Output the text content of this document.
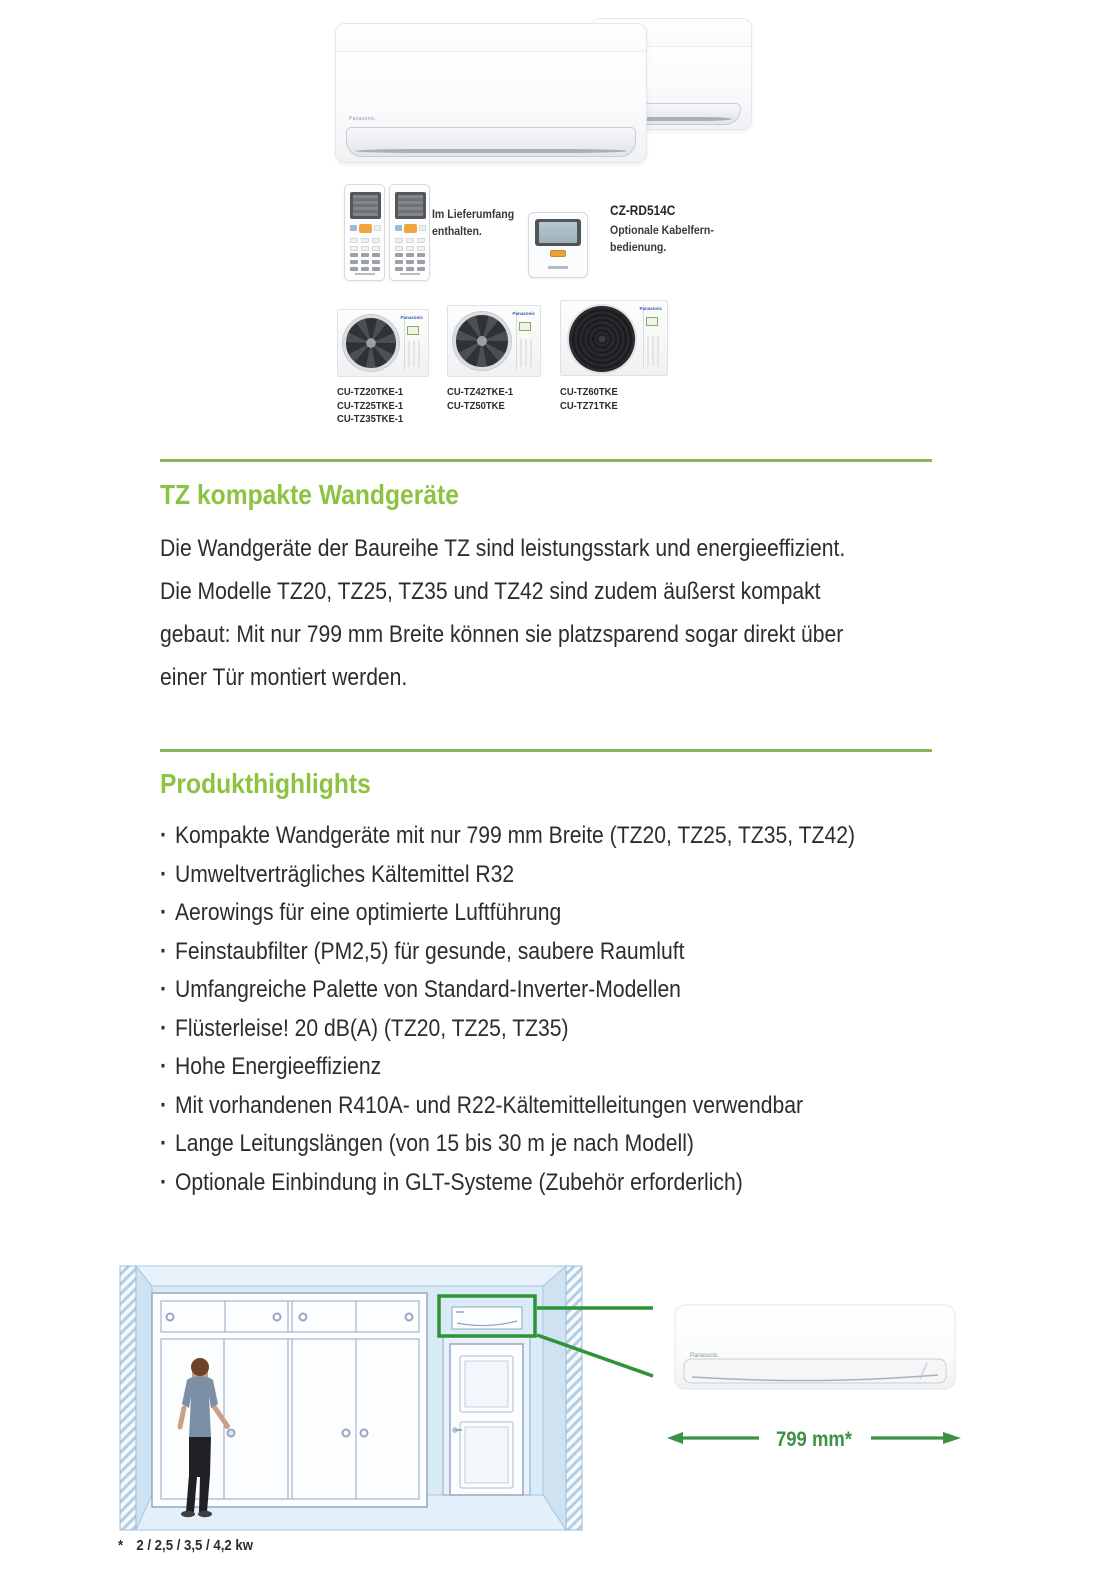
Panasonic
Im Lieferumfang
enthalten.
CZ-RD514C
Optionale Kabelfern-
bedienung.
Panasonic
Panasonic
Panasonic
CU-TZ20TKE-1
CU-TZ25TKE-1
CU-TZ35TKE-1
CU-TZ42TKE-1
CU-TZ50TKE
CU-TZ60TKE
CU-TZ71TKE
TZ kompakte Wandgeräte
Die Wandgeräte der Baureihe TZ sind leistungsstark und energieeffizient.
Die Modelle TZ20, TZ25, TZ35 und TZ42 sind zudem äußerst kompakt
gebaut: Mit nur 799 mm Breite können sie platzsparend sogar direkt über
einer Tür montiert werden.
Produkthighlights
· Kompakte Wandgeräte mit nur 799 mm Breite (TZ20, TZ25, TZ35, TZ42)
· Umweltverträgliches Kältemittel R32
· Aerowings für eine optimierte Luftführung
· Feinstaubfilter (PM2,5) für gesunde, saubere Raumluft
· Umfangreiche Palette von Standard-Inverter-Modellen
· Flüsterleise! 20 dB(A) (TZ20, TZ25, TZ35)
· Hohe Energieeffizienz
· Mit vorhandenen R410A- und R22-Kältemittelleitungen verwendbar
· Lange Leitungslängen (von 15 bis 30 m je nach Modell)
· Optionale Einbindung in GLT-Systeme (Zubehör erforderlich)
Panasonic
799 mm*
* 2 / 2,5 / 3,5 / 4,2 kw
